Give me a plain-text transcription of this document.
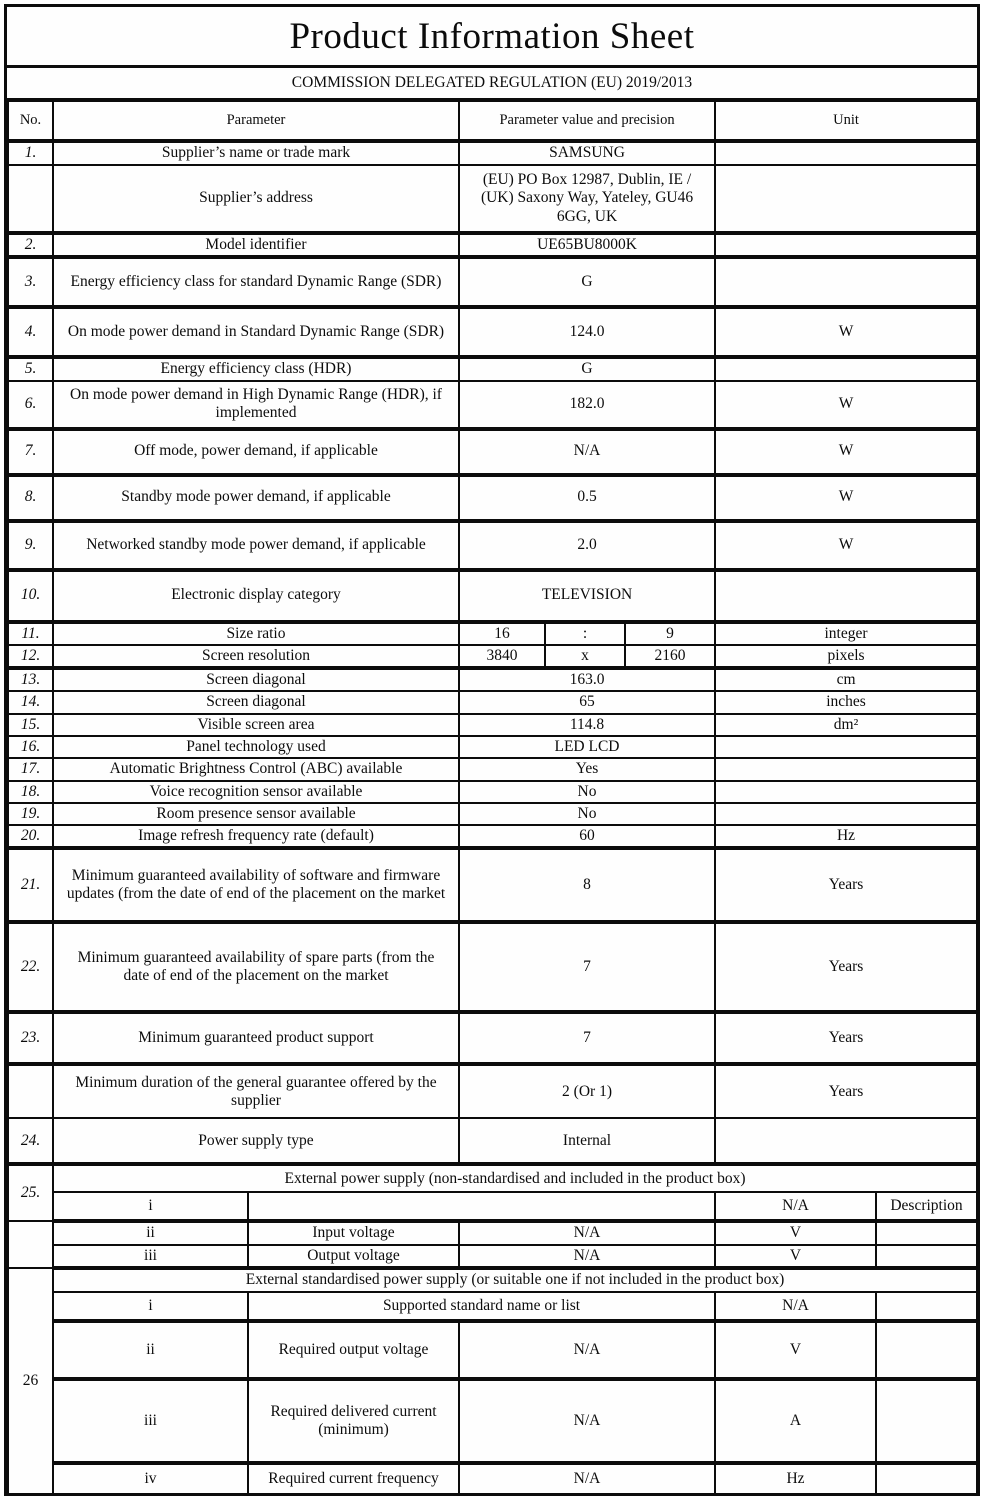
Product Information Sheet
COMMISSION DELEGATED REGULATION (EU) 2019/2013
No.	Parameter		Parameter value and precision			Unit	
1.	Supplier’s name or trade mark		SAMSUNG				
	Supplier’s address		(EU) PO Box 12987, Dublin, IE / (UK) Saxony Way, Yateley, GU46 6GG, UK				
2.	Model identifier		UE65BU8000K				
3.	Energy efficiency class for standard Dynamic Range (SDR)		G				
4.	On mode power demand in Standard Dynamic Range (SDR)		124.0			W	
5.	Energy efficiency class (HDR)		G				
6.	On mode power demand in High Dynamic Range (HDR), if implemented		182.0			W	
7.	Off mode, power demand, if applicable		N/A			W	
8.	Standby mode power demand, if applicable		0.5			W	
9.	Networked standby mode power demand, if applicable		2.0			W	
10.	Electronic display category		TELEVISION				
11.	Size ratio		16	:	9	integer	
12.	Screen resolution		3840	x	2160	pixels	
13.	Screen diagonal		163.0			cm	
14.	Screen diagonal		65			inches	
15.	Visible screen area		114.8			dm²	
16.	Panel technology used		LED LCD				
17.	Automatic Brightness Control (ABC) available		Yes				
18.	Voice recognition sensor available		No				
19.	Room presence sensor available		No				
20.	Image refresh frequency rate (default)		60			Hz	
21.	Minimum guaranteed availability of software and firmware updates (from the date of end of the placement on the market		8			Years	
22.	Minimum guaranteed availability of spare parts (from the date of end of the placement on the market		7			Years	
23.	Minimum guaranteed product support		7			Years	
	Minimum duration of the general guarantee offered by the supplier		2 (Or 1)			Years	
24.	Power supply type		Internal				
25.	External power supply (non-standardised and included in the product box)						
	i					N/A	Description
	ii	Input voltage	N/A			V	
	iii	Output voltage	N/A			V	
26	External standardised power supply (or suitable one if not included in the product box)						
	i	Supported standard name or list				N/A	
	ii	Required output voltage	N/A			V	
	iii	Required delivered current (minimum)	N/A			A	
	iv	Required current frequency	N/A			Hz	
